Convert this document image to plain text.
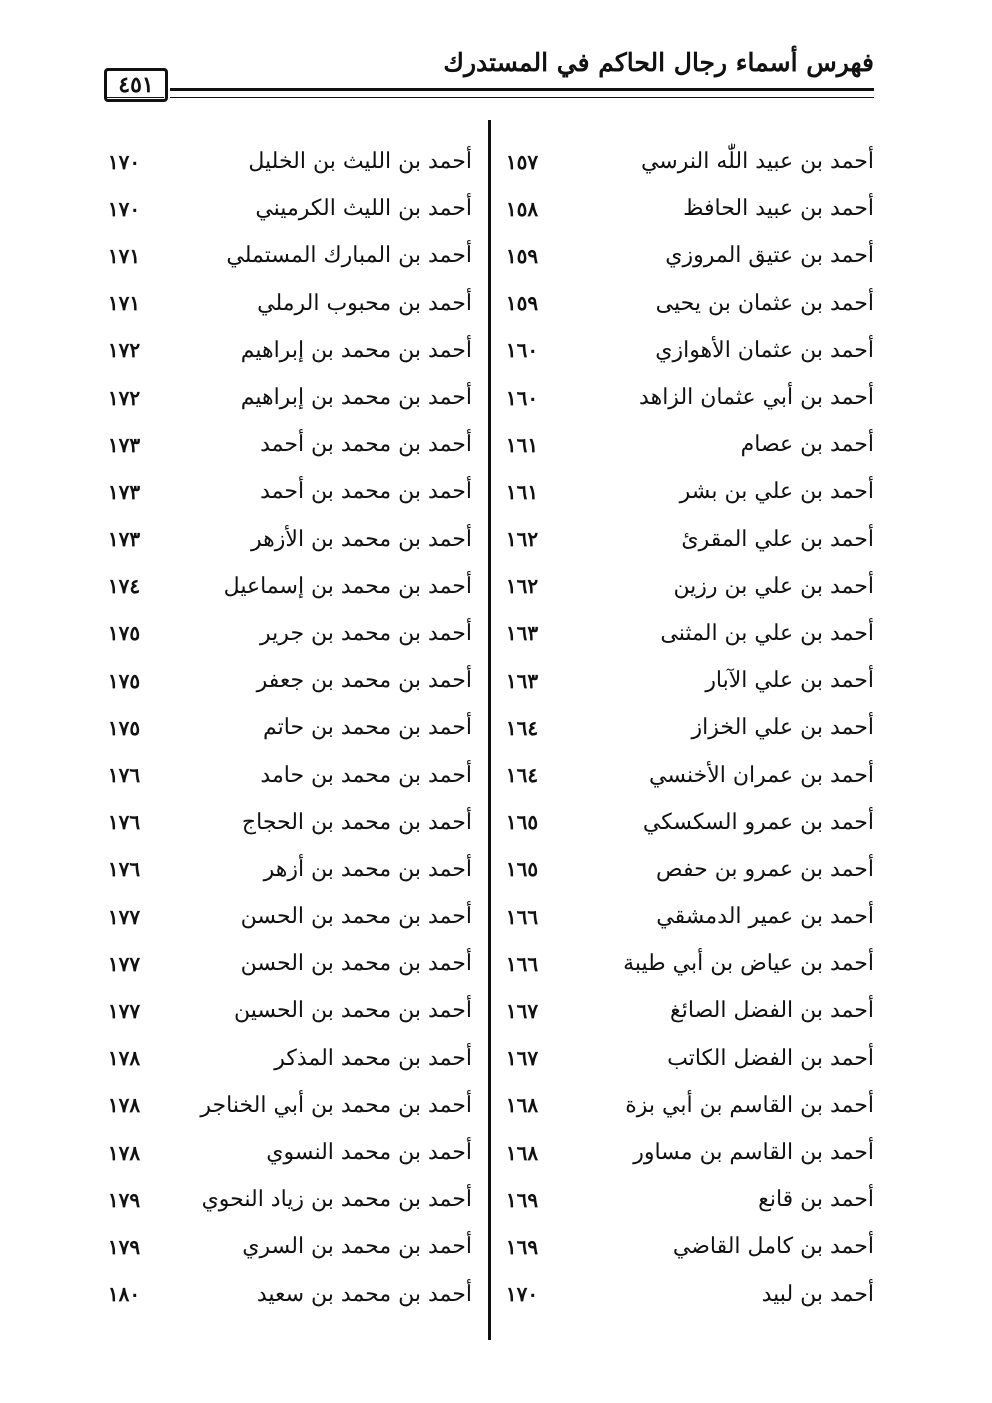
فهرس أسماء رجال الحاكم في المستدرك
٤٥١
أحمد بن عبيد اللّٰه النرسي
١٥٧
أحمد بن عبيد الحافظ
١٥٨
أحمد بن عتيق المروزي
١٥٩
أحمد بن عثمان بن يحيى
١٥٩
أحمد بن عثمان الأهوازي
١٦٠
أحمد بن أبي عثمان الزاهد
١٦٠
أحمد بن عصام
١٦١
أحمد بن علي بن بشر
١٦١
أحمد بن علي المقرئ
١٦٢
أحمد بن علي بن رزين
١٦٢
أحمد بن علي بن المثنى
١٦٣
أحمد بن علي الآبار
١٦٣
أحمد بن علي الخزاز
١٦٤
أحمد بن عمران الأخنسي
١٦٤
أحمد بن عمرو السكسكي
١٦٥
أحمد بن عمرو بن حفص
١٦٥
أحمد بن عمير الدمشقي
١٦٦
أحمد بن عياض بن أبي طيبة
١٦٦
أحمد بن الفضل الصائغ
١٦٧
أحمد بن الفضل الكاتب
١٦٧
أحمد بن القاسم بن أبي بزة
١٦٨
أحمد بن القاسم بن مساور
١٦٨
أحمد بن قانع
١٦٩
أحمد بن كامل القاضي
١٦٩
أحمد بن لبيد
١٧٠
أحمد بن الليث بن الخليل
١٧٠
أحمد بن الليث الكرميني
١٧٠
أحمد بن المبارك المستملي
١٧١
أحمد بن محبوب الرملي
١٧١
أحمد بن محمد بن إبراهيم
١٧٢
أحمد بن محمد بن إبراهيم
١٧٢
أحمد بن محمد بن أحمد
١٧٣
أحمد بن محمد بن أحمد
١٧٣
أحمد بن محمد بن الأزهر
١٧٣
أحمد بن محمد بن إسماعيل
١٧٤
أحمد بن محمد بن جرير
١٧٥
أحمد بن محمد بن جعفر
١٧٥
أحمد بن محمد بن حاتم
١٧٥
أحمد بن محمد بن حامد
١٧٦
أحمد بن محمد بن الحجاج
١٧٦
أحمد بن محمد بن أزهر
١٧٦
أحمد بن محمد بن الحسن
١٧٧
أحمد بن محمد بن الحسن
١٧٧
أحمد بن محمد بن الحسين
١٧٧
أحمد بن محمد المذكر
١٧٨
أحمد بن محمد بن أبي الخناجر
١٧٨
أحمد بن محمد النسوي
١٧٨
أحمد بن محمد بن زياد النحوي
١٧٩
أحمد بن محمد بن السري
١٧٩
أحمد بن محمد بن سعيد
١٨٠
